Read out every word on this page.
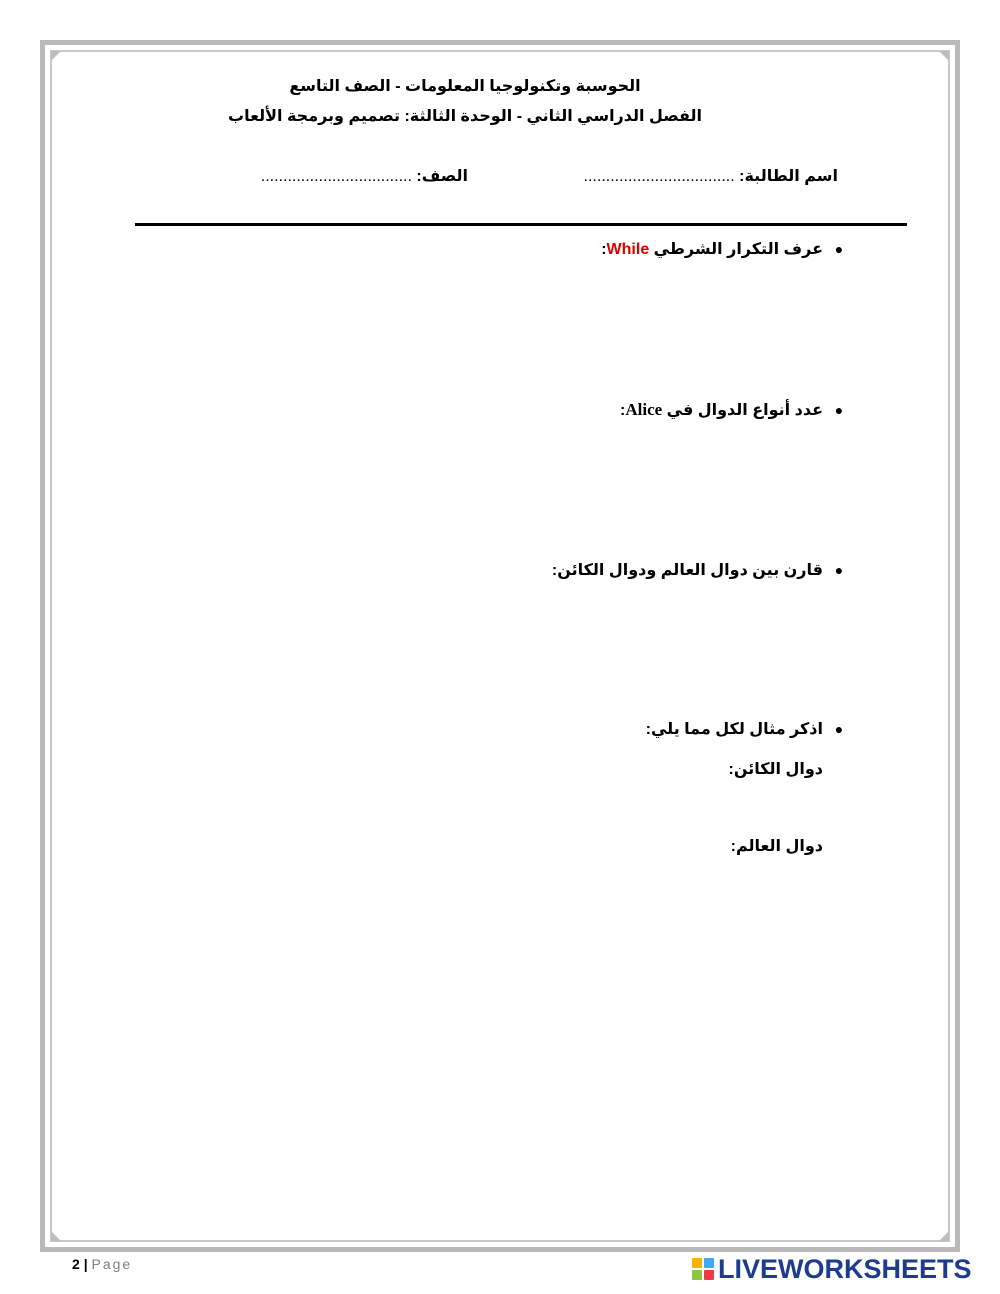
الحوسبة وتكنولوجيا المعلومات - الصف التاسع
الفصل الدراسي الثاني - الوحدة الثالثة: تصميم وبرمجة الألعاب
اسم الطالبة: ..................................
الصف: ..................................
●عرف التكرار الشرطي While:
●عدد أنواع الدوال في Alice:
●قارن بين دوال العالم ودوال الكائن:
●اذكر مثال لكل مما يلي:
دوال الكائن:
دوال العالم:
2 | Page	LIVEWORKSHEETS
